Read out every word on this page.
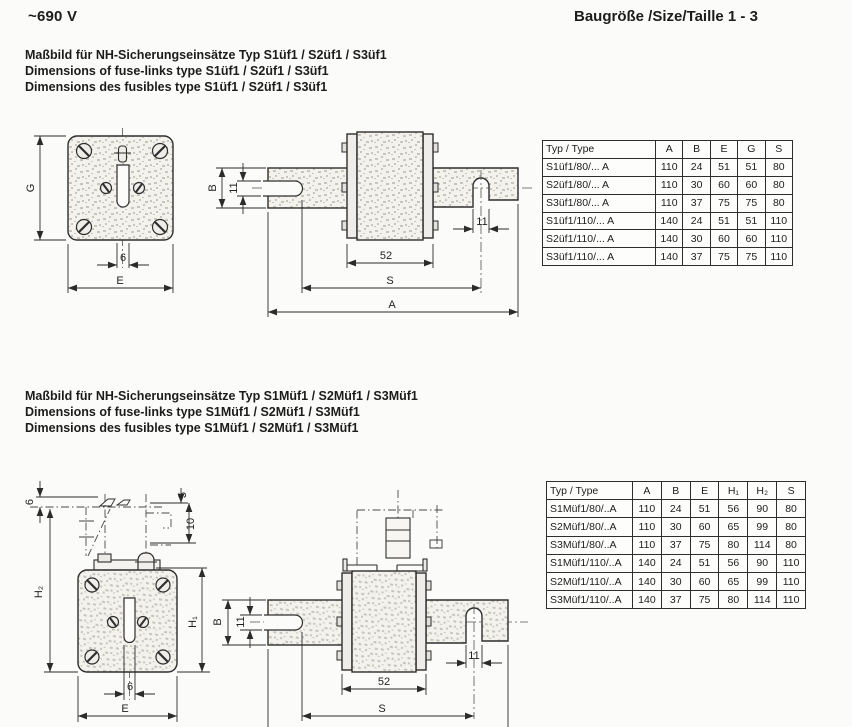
G
6
E
B 11
11
52
S
A
6
5
10
H₂
H₁
6
E
B 11
11
52
S
~690 V	Baugröße /Size/Taille 1 - 3
Maßbild für NH-Sicherungseinsätze Typ S1üf1 / S2üf1 / S3üf1
Dimensions of fuse-links type S1üf1 / S2üf1 / S3üf1
Dimensions des fusibles type S1üf1 / S2üf1 / S3üf1
Maßbild für NH-Sicherungseinsätze Typ S1Müf1 / S2Müf1 / S3Müf1
Dimensions of fuse-links type S1Müf1 / S2Müf1 / S3Müf1
Dimensions des fusibles type S1Müf1 / S2Müf1 / S3Müf1
Typ / Type	A	B	E	G	S
S1üf1/80/... A	110	24	51	51	80
S2üf1/80/... A	110	30	60	60	80
S3üf1/80/... A	110	37	75	75	80
S1üf1/110/... A	140	24	51	51	110
S2üf1/110/... A	140	30	60	60	110
S3üf1/110/... A	140	37	75	75	110
Typ / Type	A	B	E	H₁	H₂	S
S1Müf1/80/..A	110	24	51	56	90	80
S2Müf1/80/..A	110	30	60	65	99	80
S3Müf1/80/..A	110	37	75	80	114	80
S1Müf1/110/..A	140	24	51	56	90	110
S2Müf1/110/..A	140	30	60	65	99	110
S3Müf1/110/..A	140	37	75	80	114	110
